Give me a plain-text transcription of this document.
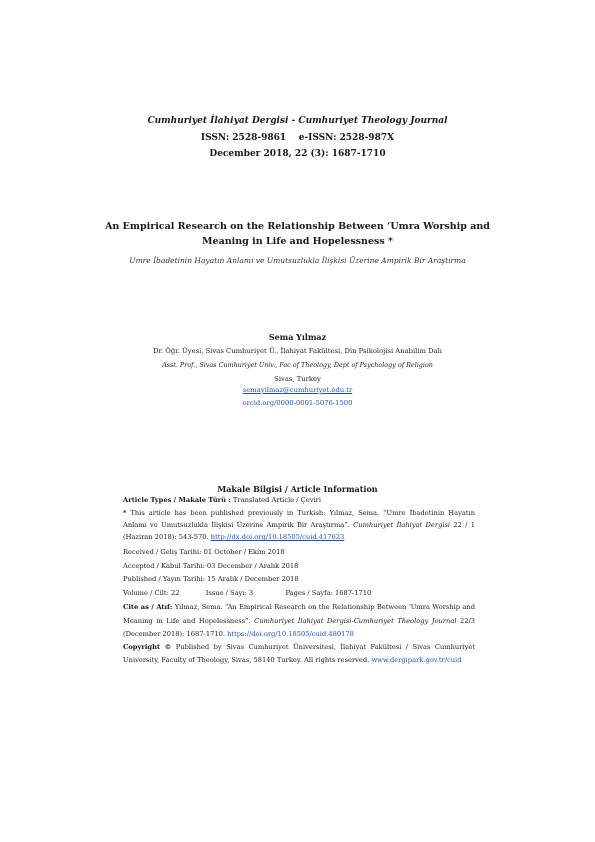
Cumhuriyet İlahiyat Dergisi - Cumhuriyet Theology Journal
ISSN: 2528-9861 e-ISSN: 2528-987X
December 2018, 22 (3): 1687-1710
An Empirical Research on the Relationship Between ‘Umra Worship and
Meaning in Life and Hopelessness *
Umre İbadetinin Hayatın Anlamı ve Umutsuzlukla İlişkisi Üzerine Ampirik Bir Araştırma
Sema Yılmaz
Dr. Öğr. Üyesi, Sivas Cumhuriyet Ü., İlahiyat Fakültesi, Din Psikolojisi Anabilim Dalı
Asst. Prof., Sivas Cumhuriyet Univ., Fac of Theology, Dept of Psychology of Religion
Sivas, Turkey
semayilmaz@cumhuriyet.edu.tr
orcid.org/0000-0001-5076-1500
Makale Bilgisi / Article Information
Article Types / Makale Türü : Translated Article / Çeviri
* This article has been published previously in Turkish: Yılmaz, Sema. “Umre İbadetinin Hayatın Anlamı ve Umutsuzlukla İlişkisi Üzerine Ampirik Bir Araştırma”. Cumhuriyet İlahiyat Dergisi 22 / 1 (Haziran 2018): 543-570. http://dx.doi.org/10.18505/cuid.417623
Received / Geliş Tarihi: 01 October / Ekim 2018
Accepted / Kabul Tarihi: 03 December / Aralık 2018
Published / Yayın Tarihi: 15 Aralık / December 2018
Volume / Cilt: 22	Issue / Sayı: 3	Pages / Sayfa: 1687-1710
Cite as / Atıf: Yılmaz, Sema. “An Empirical Research on the Relationship Between ‘Umra Worship and Meaning in Life and Hopelessness”. Cumhuriyet İlahiyat Dergisi-Cumhuriyet Theology Journal 22/3 (December 2018): 1687-1710. https://doi.org/10.18505/cuid.480178
Copyright © Published by Sivas Cumhuriyet Üniversitesi, İlahiyat Fakültesi / Sivas Cumhuriyet University, Faculty of Theology, Sivas, 58140 Turkey. All rights reserved. www.dergipark.gov.tr/cuid
